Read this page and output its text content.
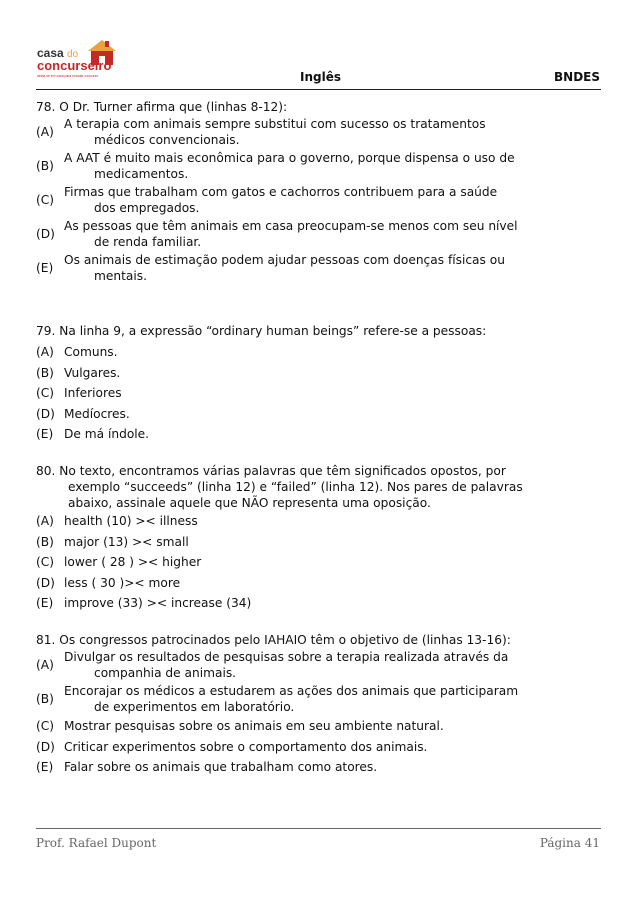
casa do
concurseiro
ainda se em casa para estudar concurso	Inglês	BNDES
78. O Dr. Turner afirma que (linhas 8-12):
(A)
A terapia com animais sempre substitui com sucesso os tratamentos
médicos convencionais.
(B)
A AAT é muito mais econômica para o governo, porque dispensa o uso de
medicamentos.
(C)
Firmas que trabalham com gatos e cachorros contribuem para a saúde
dos empregados.
(D)
As pessoas que têm animais em casa preocupam-se menos com seu nível
de renda familiar.
(E)
Os animais de estimação podem ajudar pessoas com doenças físicas ou
mentais.
79. Na linha 9, a expressão “ordinary human beings” refere-se a pessoas:
(A) Comuns.
(B) Vulgares.
(C) Inferiores
(D) Medíocres.
(E) De má índole.
80. No texto, encontramos várias palavras que têm significados opostos, por
exemplo “succeeds” (linha 12) e “failed” (linha 12). Nos pares de palavras
abaixo, assinale aquele que NÃO representa uma oposição.
(A) health (10) >< illness
(B) major (13) >< small
(C) lower ( 28 ) >< higher
(D) less ( 30 )>< more
(E) improve (33) >< increase (34)
81. Os congressos patrocinados pelo IAHAIO têm o objetivo de (linhas 13-16):
(A)
Divulgar os resultados de pesquisas sobre a terapia realizada através da
companhia de animais.
(B)
Encorajar os médicos a estudarem as ações dos animais que participaram
de experimentos em laboratório.
(C) Mostrar pesquisas sobre os animais em seu ambiente natural.
(D) Criticar experimentos sobre o comportamento dos animais.
(E) Falar sobre os animais que trabalham como atores.
Prof. Rafael Dupont	Página 41
